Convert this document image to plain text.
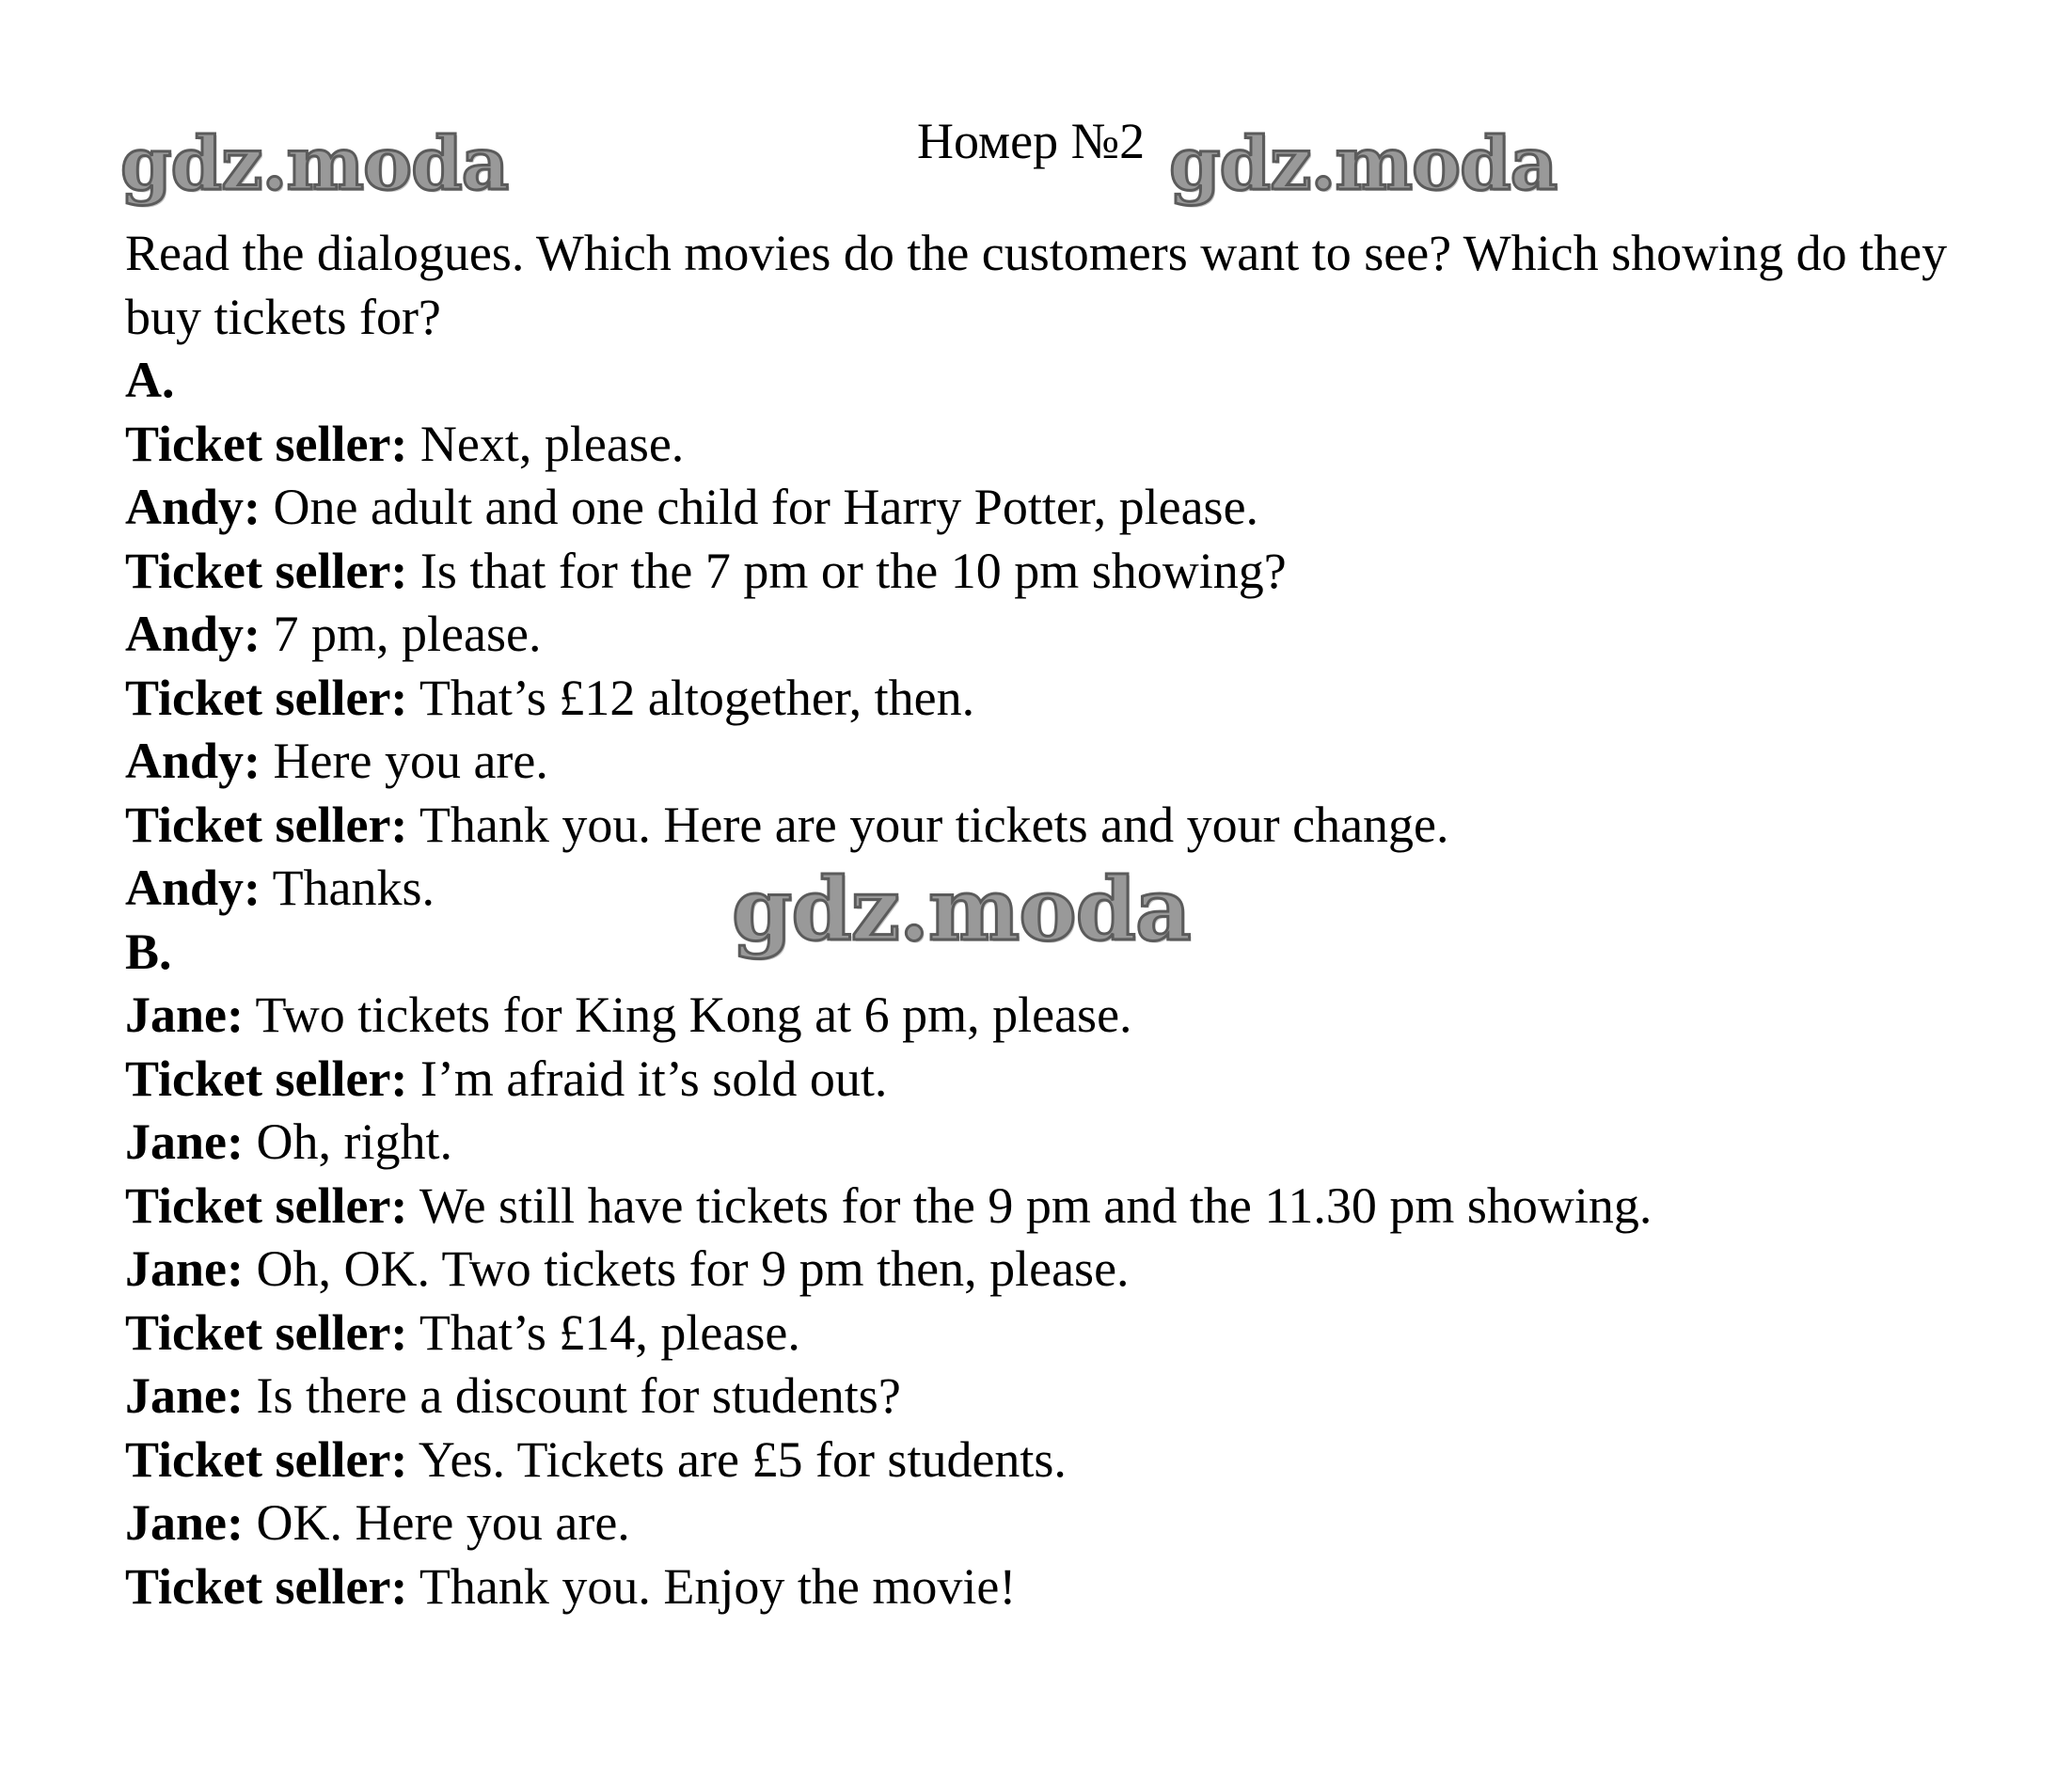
Номер №2
gdz.moda	gdz.moda
gdz.moda

Read the dialogues. Which movies do the customers want to see? Which showing do they buy tickets for?

A.

Ticket seller: Next, please.

Andy: One adult and one child for Harry Potter, please.

Ticket seller: Is that for the 7 pm or the 10 pm showing?

Andy: 7 pm, please.

Ticket seller: That’s £12 altogether, then.

Andy: Here you are.

Ticket seller: Thank you. Here are your tickets and your change.

Andy: Thanks.

B.

Jane: Two tickets for King Kong at 6 pm, please.

Ticket seller: I’m afraid it’s sold out.

Jane: Oh, right.

Ticket seller: We still have tickets for the 9 pm and the 11.30 pm showing.

Jane: Oh, OK. Two tickets for 9 pm then, please.

Ticket seller: That’s £14, please.

Jane: Is there a discount for students?

Ticket seller: Yes. Tickets are £5 for students.

Jane: OK. Here you are.

Ticket seller: Thank you. Enjoy the movie!
